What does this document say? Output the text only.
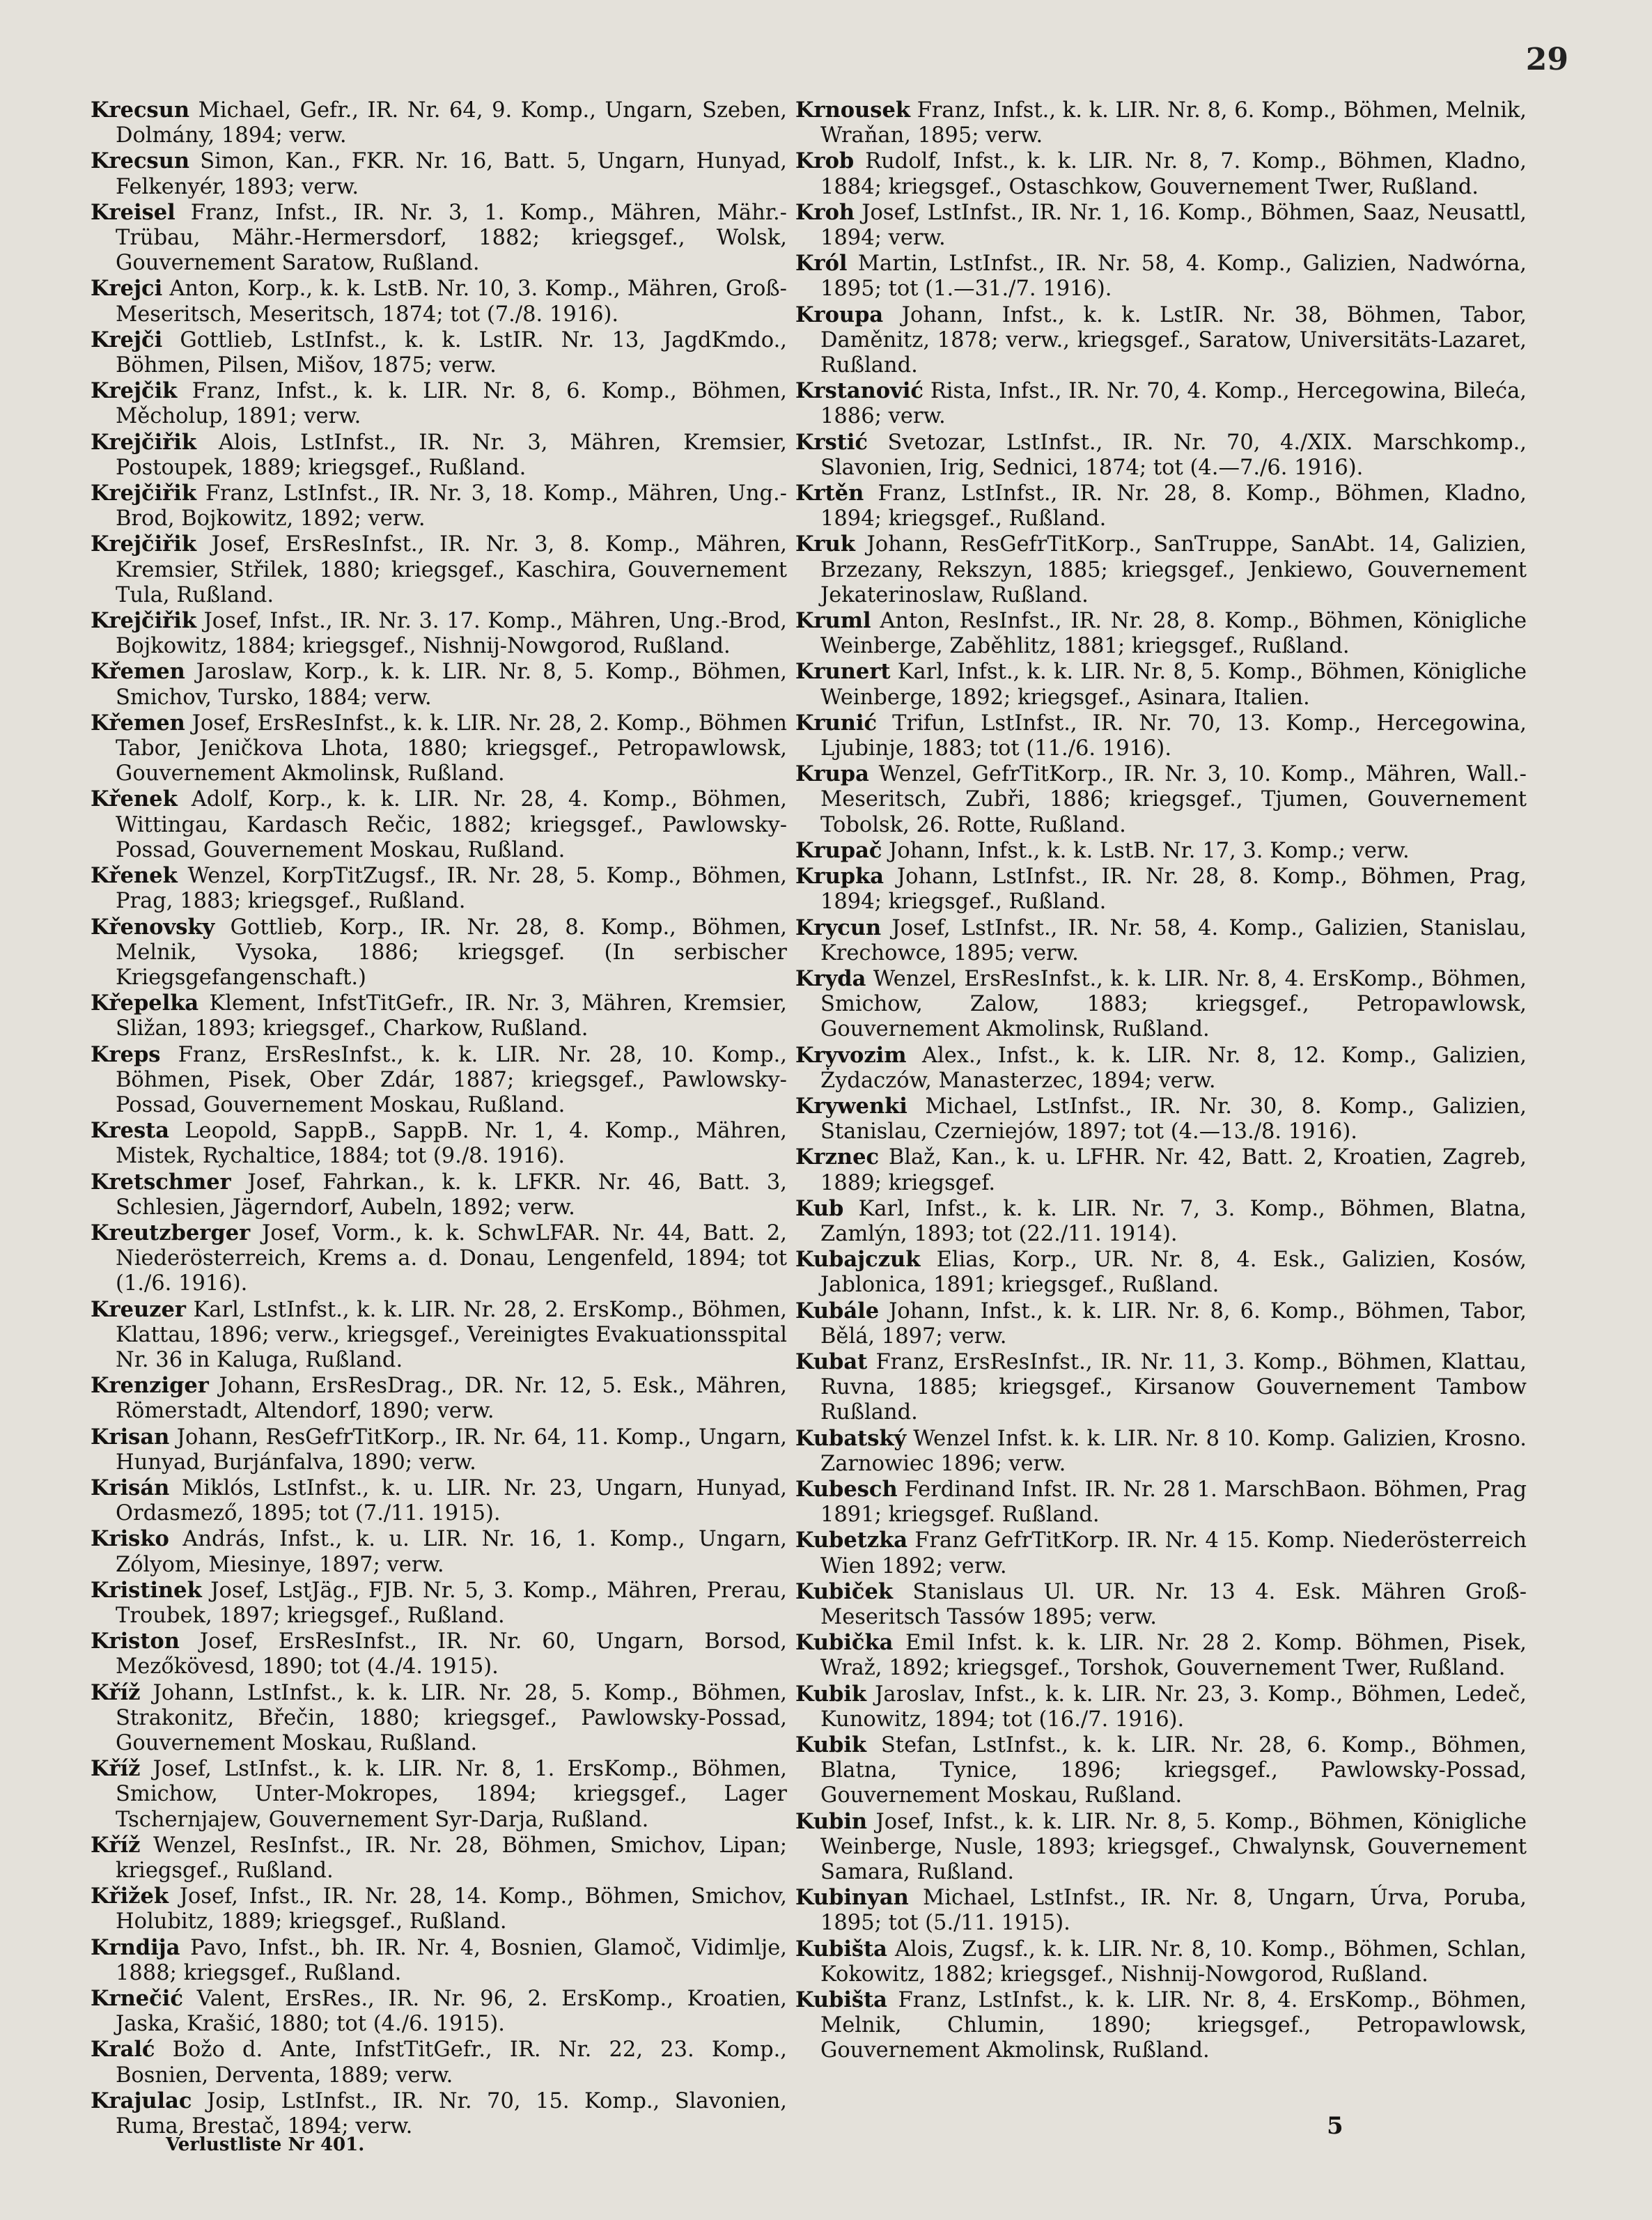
29

Krecsun Michael, Gefr., IR. Nr. 64, 9. Komp., Ungarn, Szeben, Dolmány, 1894; verw.

Krecsun Simon, Kan., FKR. Nr. 16, Batt. 5, Ungarn, Hunyad, Felkenyér, 1893; verw.

Kreisel Franz, Infst., IR. Nr. 3, 1. Komp., Mähren, Mähr.-Trübau, Mähr.-Hermersdorf, 1882; kriegsgef., Wolsk, Gouvernement Saratow, Rußland.

Krejci Anton, Korp., k. k. LstB. Nr. 10, 3. Komp., Mähren, Groß-Meseritsch, Meseritsch, 1874; tot (7./8. 1916).

Krejči Gottlieb, LstInfst., k. k. LstIR. Nr. 13, JagdKmdo., Böhmen, Pilsen, Mišov, 1875; verw.

Krejčik Franz, Infst., k. k. LIR. Nr. 8, 6. Komp., Böhmen, Měcholup, 1891; verw.

Krejčiřik Alois, LstInfst., IR. Nr. 3, Mähren, Kremsier, Postoupek, 1889; kriegsgef., Rußland.

Krejčiřik Franz, LstInfst., IR. Nr. 3, 18. Komp., Mähren, Ung.-Brod, Bojkowitz, 1892; verw.

Krejčiřik Josef, ErsResInfst., IR. Nr. 3, 8. Komp., Mähren, Kremsier, Střilek, 1880; kriegsgef., Kaschira, Gouvernement Tula, Rußland.

Krejčiřik Josef, Infst., IR. Nr. 3. 17. Komp., Mähren, Ung.-Brod, Bojkowitz, 1884; kriegsgef., Nishnij-Nowgorod, Rußland.

Křemen Jaroslaw, Korp., k. k. LIR. Nr. 8, 5. Komp., Böhmen, Smichov, Tursko, 1884; verw.

Křemen Josef, ErsResInfst., k. k. LIR. Nr. 28, 2. Komp., Böhmen Tabor, Jeničkova Lhota, 1880; kriegsgef., Petropawlowsk, Gouvernement Akmolinsk, Rußland.

Křenek Adolf, Korp., k. k. LIR. Nr. 28, 4. Komp., Böhmen, Wittingau, Kardasch Rečic, 1882; kriegsgef., Pawlowsky-Possad, Gouvernement Moskau, Rußland.

Křenek Wenzel, KorpTitZugsf., IR. Nr. 28, 5. Komp., Böhmen, Prag, 1883; kriegsgef., Rußland.

Křenovsky Gottlieb, Korp., IR. Nr. 28, 8. Komp., Böhmen, Melnik, Vysoka, 1886; kriegsgef. (In serbischer Kriegsgefangenschaft.)

Křepelka Klement, InfstTitGefr., IR. Nr. 3, Mähren, Kremsier, Sližan, 1893; kriegsgef., Charkow, Rußland.

Kreps Franz, ErsResInfst., k. k. LIR. Nr. 28, 10. Komp., Böhmen, Pisek, Ober Zdár, 1887; kriegsgef., Pawlowsky-Possad, Gouvernement Moskau, Rußland.

Kresta Leopold, SappB., SappB. Nr. 1, 4. Komp., Mähren, Mistek, Rychaltice, 1884; tot (9./8. 1916).

Kretschmer Josef, Fahrkan., k. k. LFKR. Nr. 46, Batt. 3, Schlesien, Jägerndorf, Aubeln, 1892; verw.

Kreutzberger Josef, Vorm., k. k. SchwLFAR. Nr. 44, Batt. 2, Niederösterreich, Krems a. d. Donau, Lengenfeld, 1894; tot (1./6. 1916).

Kreuzer Karl, LstInfst., k. k. LIR. Nr. 28, 2. ErsKomp., Böhmen, Klattau, 1896; verw., kriegsgef., Vereinigtes Evakuationsspital Nr. 36 in Kaluga, Rußland.

Krenziger Johann, ErsResDrag., DR. Nr. 12, 5. Esk., Mähren, Römerstadt, Altendorf, 1890; verw.

Krisan Johann, ResGefrTitKorp., IR. Nr. 64, 11. Komp., Ungarn, Hunyad, Burjánfalva, 1890; verw.

Krisán Miklós, LstInfst., k. u. LIR. Nr. 23, Ungarn, Hunyad, Ordasmező, 1895; tot (7./11. 1915).

Krisko András, Infst., k. u. LIR. Nr. 16, 1. Komp., Ungarn, Zólyom, Miesinye, 1897; verw.

Kristinek Josef, LstJäg., FJB. Nr. 5, 3. Komp., Mähren, Prerau, Troubek, 1897; kriegsgef., Rußland.

Kriston Josef, ErsResInfst., IR. Nr. 60, Ungarn, Borsod, Mezőkövesd, 1890; tot (4./4. 1915).

Kříž Johann, LstInfst., k. k. LIR. Nr. 28, 5. Komp., Böhmen, Strakonitz, Břečin, 1880; kriegsgef., Pawlowsky-Possad, Gouvernement Moskau, Rußland.

Kříž Josef, LstInfst., k. k. LIR. Nr. 8, 1. ErsKomp., Böhmen, Smichow, Unter-Mokropes, 1894; kriegsgef., Lager Tschernjajew, Gouvernement Syr-Darja, Rußland.

Kříž Wenzel, ResInfst., IR. Nr. 28, Böhmen, Smichov, Lipan; kriegsgef., Rußland.

Křižek Josef, Infst., IR. Nr. 28, 14. Komp., Böhmen, Smichov, Holubitz, 1889; kriegsgef., Rußland.

Krndija Pavo, Infst., bh. IR. Nr. 4, Bosnien, Glamoč, Vidimlje, 1888; kriegsgef., Rußland.

Krnečić Valent, ErsRes., IR. Nr. 96, 2. ErsKomp., Kroatien, Jaska, Krašić, 1880; tot (4./6. 1915).

Kralć Božo d. Ante, InfstTitGefr., IR. Nr. 22, 23. Komp., Bosnien, Derventa, 1889; verw.

Krajulac Josip, LstInfst., IR. Nr. 70, 15. Komp., Slavonien, Ruma, Brestač, 1894; verw.

Krnousek Franz, Infst., k. k. LIR. Nr. 8, 6. Komp., Böhmen, Melnik, Wraňan, 1895; verw.

Krob Rudolf, Infst., k. k. LIR. Nr. 8, 7. Komp., Böhmen, Kladno, 1884; kriegsgef., Ostaschkow, Gouvernement Twer, Rußland.

Kroh Josef, LstInfst., IR. Nr. 1, 16. Komp., Böhmen, Saaz, Neusattl, 1894; verw.

Król Martin, LstInfst., IR. Nr. 58, 4. Komp., Galizien, Nadwórna, 1895; tot (1.—31./7. 1916).

Kroupa Johann, Infst., k. k. LstIR. Nr. 38, Böhmen, Tabor, Daměnitz, 1878; verw., kriegsgef., Saratow, Universitäts-Lazaret, Rußland.

Krstanović Rista, Infst., IR. Nr. 70, 4. Komp., Hercegowina, Bileća, 1886; verw.

Krstić Svetozar, LstInfst., IR. Nr. 70, 4./XIX. Marschkomp., Slavonien, Irig, Sednici, 1874; tot (4.—7./6. 1916).

Krtěn Franz, LstInfst., IR. Nr. 28, 8. Komp., Böhmen, Kladno, 1894; kriegsgef., Rußland.

Kruk Johann, ResGefrTitKorp., SanTruppe, SanAbt. 14, Galizien, Brzezany, Rekszyn, 1885; kriegsgef., Jenkiewo, Gouvernement Jekaterinoslaw, Rußland.

Kruml Anton, ResInfst., IR. Nr. 28, 8. Komp., Böhmen, Königliche Weinberge, Zaběhlitz, 1881; kriegsgef., Rußland.

Krunert Karl, Infst., k. k. LIR. Nr. 8, 5. Komp., Böhmen, Königliche Weinberge, 1892; kriegsgef., Asinara, Italien.

Krunić Trifun, LstInfst., IR. Nr. 70, 13. Komp., Hercegowina, Ljubinje, 1883; tot (11./6. 1916).

Krupa Wenzel, GefrTitKorp., IR. Nr. 3, 10. Komp., Mähren, Wall.-Meseritsch, Zubři, 1886; kriegsgef., Tjumen, Gouvernement Tobolsk, 26. Rotte, Rußland.

Krupač Johann, Infst., k. k. LstB. Nr. 17, 3. Komp.; verw.

Krupka Johann, LstInfst., IR. Nr. 28, 8. Komp., Böhmen, Prag, 1894; kriegsgef., Rußland.

Krycun Josef, LstInfst., IR. Nr. 58, 4. Komp., Galizien, Stanislau, Krechowce, 1895; verw.

Kryda Wenzel, ErsResInfst., k. k. LIR. Nr. 8, 4. ErsKomp., Böhmen, Smichow, Zalow, 1883; kriegsgef., Petropawlowsk, Gouvernement Akmolinsk, Rußland.

Kryvozim Alex., Infst., k. k. LIR. Nr. 8, 12. Komp., Galizien, Żydaczów, Manasterzec, 1894; verw.

Krywenki Michael, LstInfst., IR. Nr. 30, 8. Komp., Galizien, Stanislau, Czerniejów, 1897; tot (4.—13./8. 1916).

Krznec Blaž, Kan., k. u. LFHR. Nr. 42, Batt. 2, Kroatien, Zagreb, 1889; kriegsgef.

Kub Karl, Infst., k. k. LIR. Nr. 7, 3. Komp., Böhmen, Blatna, Zamlýn, 1893; tot (22./11. 1914).

Kubajczuk Elias, Korp., UR. Nr. 8, 4. Esk., Galizien, Kosów, Jablonica, 1891; kriegsgef., Rußland.

Kubále Johann, Infst., k. k. LIR. Nr. 8, 6. Komp., Böhmen, Tabor, Bělá, 1897; verw.

Kubat Franz, ErsResInfst., IR. Nr. 11, 3. Komp., Böhmen, Klattau, Ruvna, 1885; kriegsgef., Kirsanow Gouvernement Tambow Rußland.

Kubatský Wenzel Infst. k. k. LIR. Nr. 8 10. Komp. Galizien, Krosno. Zarnowiec 1896; verw.

Kubesch Ferdinand Infst. IR. Nr. 28 1. MarschBaon. Böhmen, Prag 1891; kriegsgef. Rußland.

Kubetzka Franz GefrTitKorp. IR. Nr. 4 15. Komp. Niederösterreich Wien 1892; verw.

Kubiček Stanislaus Ul. UR. Nr. 13 4. Esk. Mähren Groß-Meseritsch Tassów 1895; verw.

Kubička Emil Infst. k. k. LIR. Nr. 28 2. Komp. Böhmen, Pisek, Wraž, 1892; kriegsgef., Torshok, Gouvernement Twer, Rußland.

Kubik Jaroslav, Infst., k. k. LIR. Nr. 23, 3. Komp., Böhmen, Ledeč, Kunowitz, 1894; tot (16./7. 1916).

Kubik Stefan, LstInfst., k. k. LIR. Nr. 28, 6. Komp., Böhmen, Blatna, Tynice, 1896; kriegsgef., Pawlowsky-Possad, Gouvernement Moskau, Rußland.

Kubin Josef, Infst., k. k. LIR. Nr. 8, 5. Komp., Böhmen, Königliche Weinberge, Nusle, 1893; kriegsgef., Chwalynsk, Gouvernement Samara, Rußland.

Kubinyan Michael, LstInfst., IR. Nr. 8, Ungarn, Úrva, Poruba, 1895; tot (5./11. 1915).

Kubišta Alois, Zugsf., k. k. LIR. Nr. 8, 10. Komp., Böhmen, Schlan, Kokowitz, 1882; kriegsgef., Nishnij-Nowgorod, Rußland.

Kubišta Franz, LstInfst., k. k. LIR. Nr. 8, 4. ErsKomp., Böhmen, Melnik, Chlumin, 1890; kriegsgef., Petropawlowsk, Gouvernement Akmolinsk, Rußland.

Verlustliste Nr 401.
5
